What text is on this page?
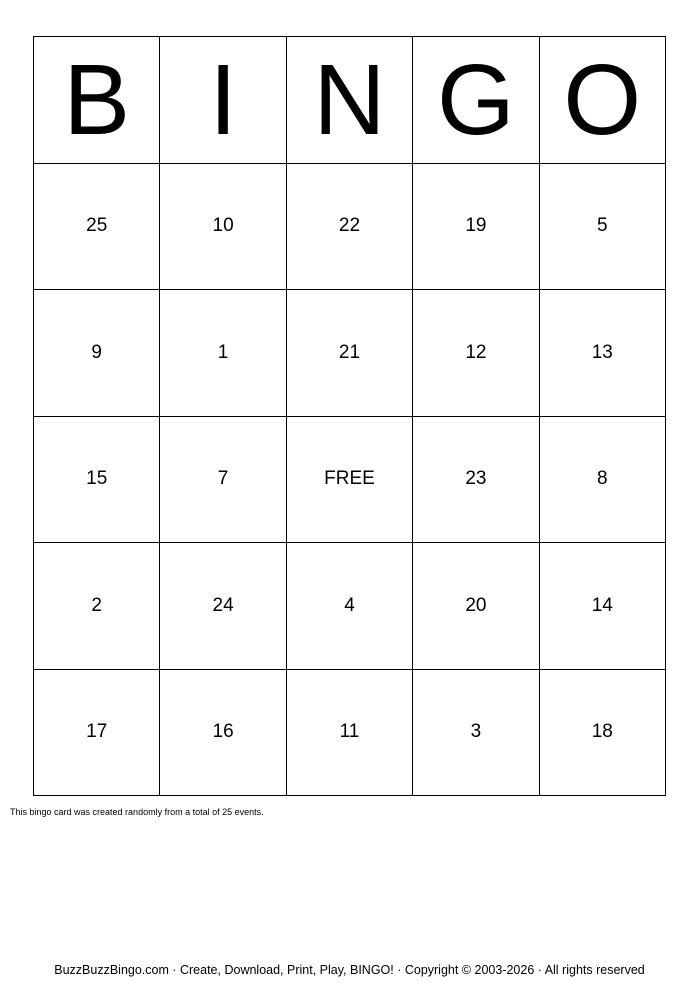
B I N G O
25	10	22	19	5
9	1	21	12	13
15	7	FREE	23	8
2	24	4	20	14
17	16	11	3	18
This bingo card was created randomly from a total of 25 events.
BuzzBuzzBingo.com · Create, Download, Print, Play, BINGO! · Copyright © 2003-2026 · All rights reserved
